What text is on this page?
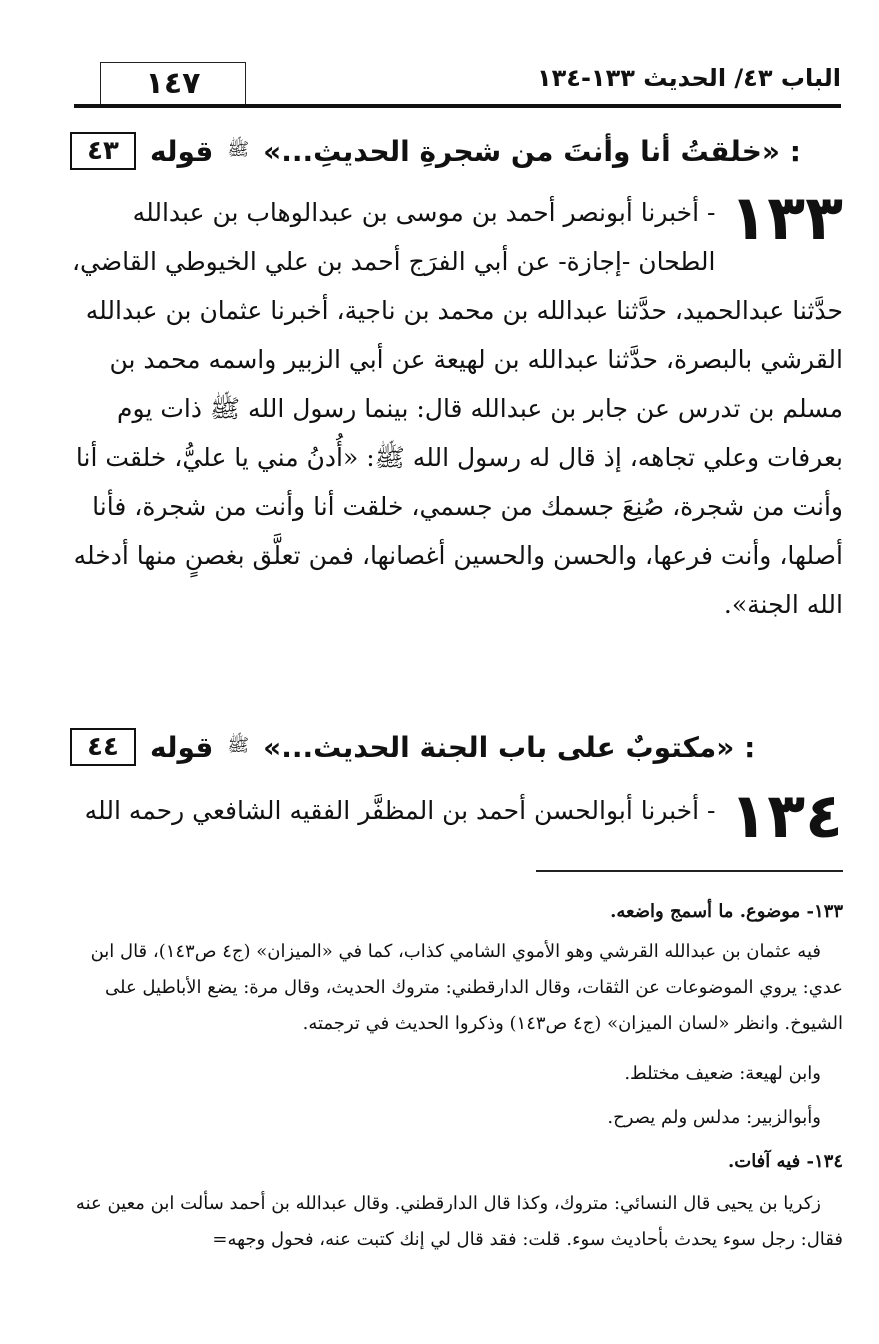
١٤٧	الباب ٤٣/ الحديث ١٣٣-١٣٤
٤٣	قوله ﷺ : «خلقتُ أنا وأنتَ من شجرةِ الحديثِ...»
١٣٣
- أخبرنا أبونصر أحمد بن موسى بن عبدالوهاب بن عبدالله الطحان -إجازة- عن أبي الفرَج أحمد بن علي الخيوطي القاضي، حدَّثنا عبدالحميد، حدَّثنا عبدالله بن محمد بن ناجية، أخبرنا عثمان بن عبدالله القرشي بالبصرة، حدَّثنا عبدالله بن لهيعة عن أبي الزبير واسمه محمد بن مسلم بن تدرس عن جابر بن عبدالله قال: بينما رسول الله ﷺ ذات يوم بعرفات وعلي تجاهه، إذ قال له رسول الله ﷺ: «أُدنُ مني يا عليُّ، خلقت أنا وأنت من شجرة، صُنِعَ جسمك من جسمي، خلقت أنا وأنت من شجرة، فأنا أصلها، وأنت فرعها، والحسن والحسين أغصانها، فمن تعلَّق بغصنٍ منها أدخله الله الجنة».
٤٤	قوله ﷺ : «مكتوبٌ على باب الجنة الحديث...»
١٣٤
- أخبرنا أبوالحسن أحمد بن المظفَّر الفقيه الشافعي رحمه الله
١٣٣- موضوع. ما أسمج واضعه.
فيه عثمان بن عبدالله القرشي وهو الأموي الشامي كذاب، كما في «الميزان» (ج٤ ص١٤٣)، قال ابن عدي: يروي الموضوعات عن الثقات، وقال الدارقطني: متروك الحديث، وقال مرة: يضع الأباطيل على الشيوخ. وانظر «لسان الميزان» (ج٤ ص١٤٣) وذكروا الحديث في ترجمته.
وابن لهيعة: ضعيف مختلط.
وأبوالزبير: مدلس ولم يصرح.
١٣٤- فيه آفات.
زكريا بن يحيى قال النسائي: متروك، وكذا قال الدارقطني. وقال عبدالله بن أحمد سألت ابن معين عنه فقال: رجل سوء يحدث بأحاديث سوء. قلت: فقد قال لي إنك كتبت عنه، فحول وجهه=
